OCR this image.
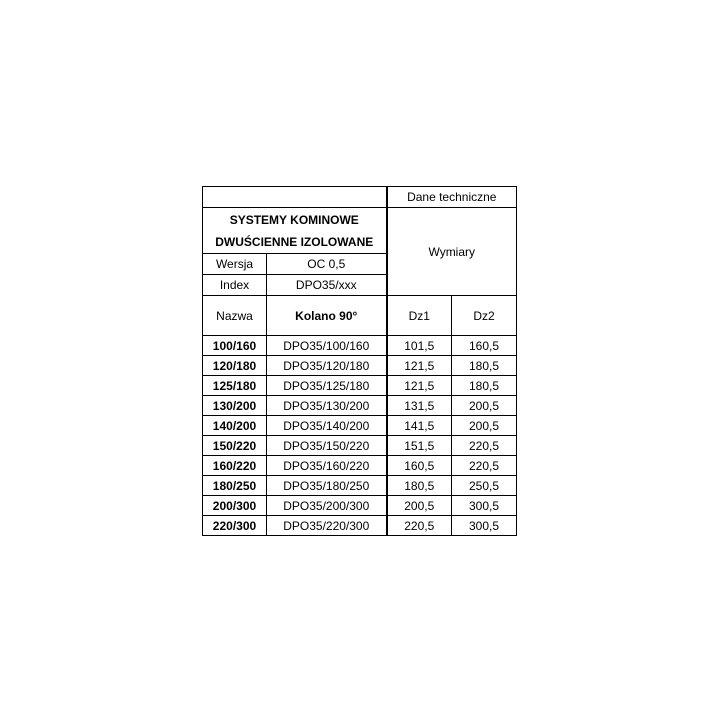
		Dane techniczne	

SYSTEMY KOMINOWE
DWUŚCIENNE IZOLOWANE		Wymiary	
Wersja	OC 0,5		
Index	DPO35/xxx		
Nazwa	Kolano 90°	Dz1	Dz2
100/160	DPO35/100/160	101,5	160,5
120/180	DPO35/120/180	121,5	180,5
125/180	DPO35/125/180	121,5	180,5
130/200	DPO35/130/200	131,5	200,5
140/200	DPO35/140/200	141,5	200,5
150/220	DPO35/150/220	151,5	220,5
160/220	DPO35/160/220	160,5	220,5
180/250	DPO35/180/250	180,5	250,5
200/300	DPO35/200/300	200,5	300,5
220/300	DPO35/220/300	220,5	300,5
